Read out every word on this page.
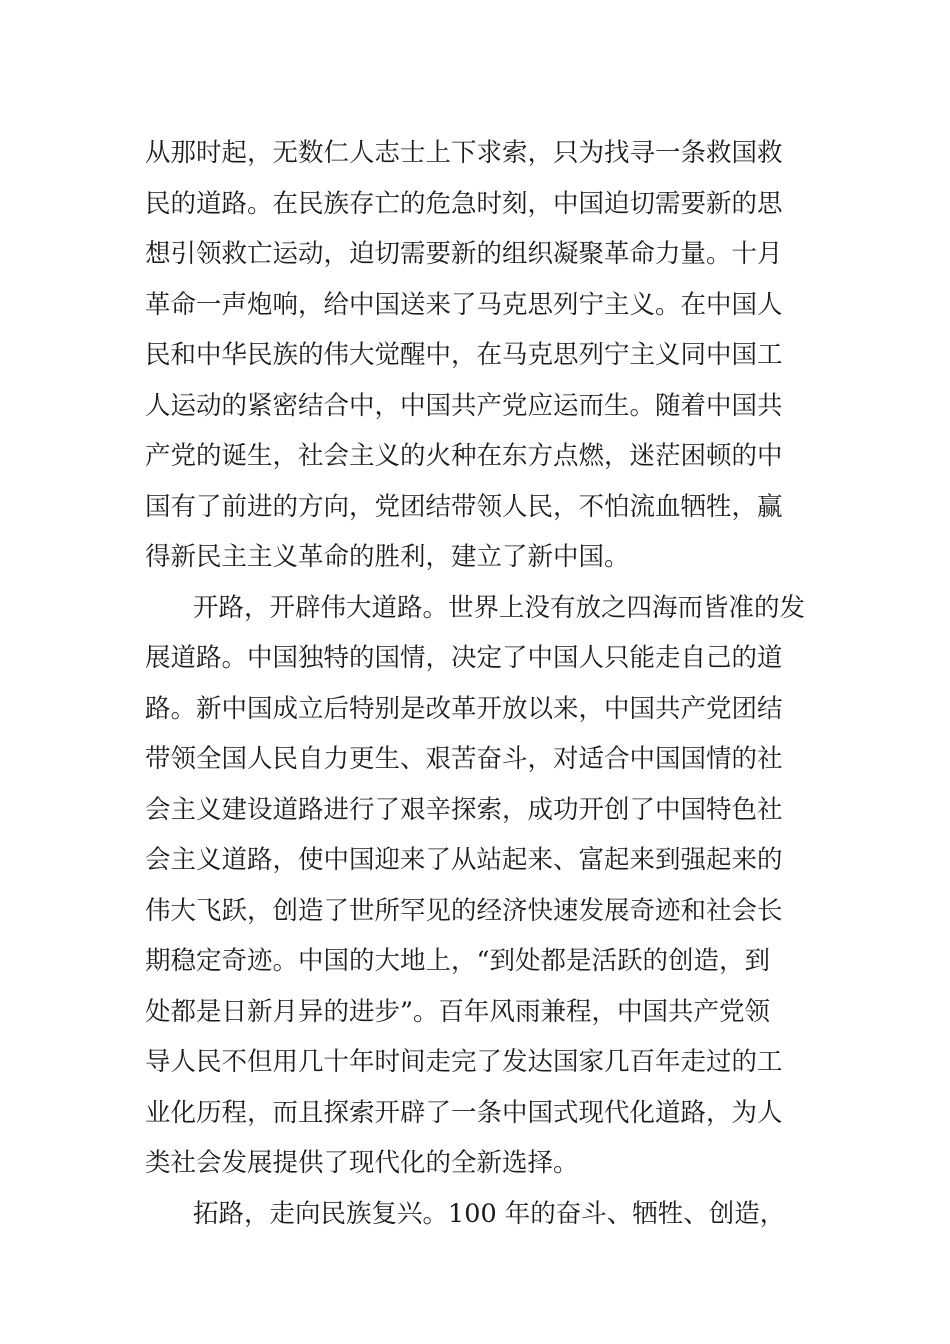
从那时起，无数仁人志士上下求索，只为找寻一条救国救
民的道路。在民族存亡的危急时刻，中国迫切需要新的思
想引领救亡运动，迫切需要新的组织凝聚革命力量。十月
革命一声炮响，给中国送来了马克思列宁主义。在中国人
民和中华民族的伟大觉醒中，在马克思列宁主义同中国工
人运动的紧密结合中，中国共产党应运而生。随着中国共
产党的诞生，社会主义的火种在东方点燃，迷茫困顿的中
国有了前进的方向，党团结带领人民，不怕流血牺牲，赢
得新民主主义革命的胜利，建立了新中国。
开路，开辟伟大道路。世界上没有放之四海而皆准的发
展道路。中国独特的国情，决定了中国人只能走自己的道
路。新中国成立后特别是改革开放以来，中国共产党团结
带领全国人民自力更生、艰苦奋斗，对适合中国国情的社
会主义建设道路进行了艰辛探索，成功开创了中国特色社
会主义道路，使中国迎来了从站起来、富起来到强起来的
伟大飞跃，创造了世所罕见的经济快速发展奇迹和社会长
期稳定奇迹。中国的大地上，“到处都是活跃的创造，到
处都是日新月异的进步”。百年风雨兼程，中国共产党领
导人民不但用几十年时间走完了发达国家几百年走过的工
业化历程，而且探索开辟了一条中国式现代化道路，为人
类社会发展提供了现代化的全新选择。
拓路，走向民族复兴。100 年的奋斗、牺牲、创造，
